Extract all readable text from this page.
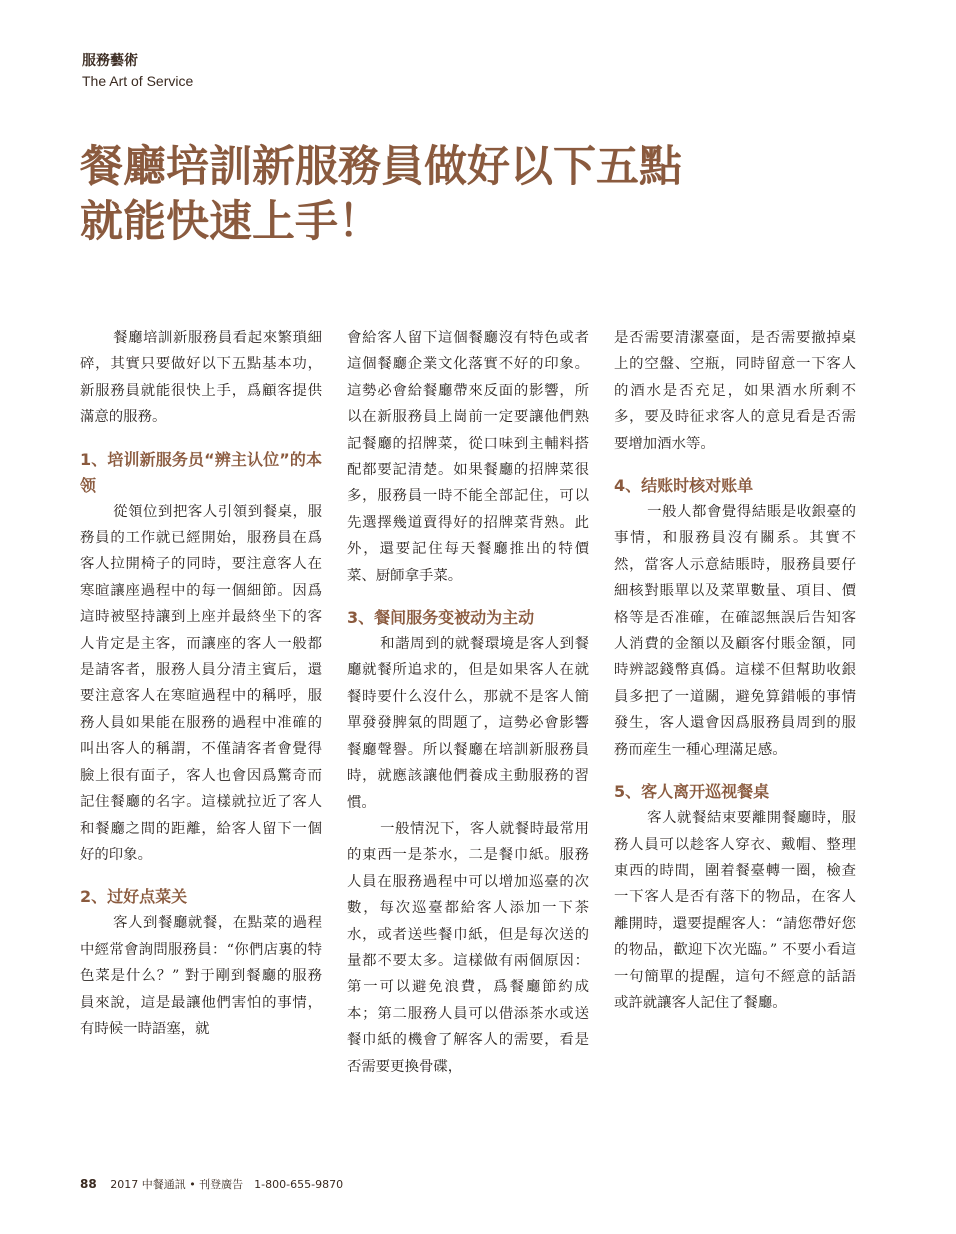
服務藝術
The Art of Service
餐廳培訓新服務員做好以下五點
就能快速上手！

餐廳培訓新服務員看起來繁瑣細碎，其實只要做好以下五點基本功，新服務員就能很快上手，爲顧客提供滿意的服務。

1、培训新服务员“辨主认位”的本领

從領位到把客人引領到餐桌，服務員的工作就已經開始，服務員在爲客人拉開椅子的同時，要注意客人在寒暄讓座過程中的每一個細節。因爲這時被堅持讓到上座并最終坐下的客人肯定是主客，而讓座的客人一般都是請客者，服務人員分清主賓后，還要注意客人在寒暄過程中的稱呼，服務人員如果能在服務的過程中准確的叫出客人的稱謂，不僅請客者會覺得臉上很有面子，客人也會因爲驚奇而記住餐廳的名字。這樣就拉近了客人和餐廳之間的距離，給客人留下一個好的印象。

2、过好点菜关

客人到餐廳就餐，在點菜的過程中經常會詢問服務員：“你們店裏的特色菜是什么？” 對于剛到餐廳的服務員來說，這是最讓他們害怕的事情，有時候一時語塞，就

會給客人留下這個餐廳沒有特色或者這個餐廳企業文化落實不好的印象。這勢必會給餐廳帶來反面的影響，所以在新服務員上崗前一定要讓他們熟記餐廳的招牌菜，從口味到主輔料搭配都要記清楚。如果餐廳的招牌菜很多，服務員一時不能全部記住，可以先選擇幾道賣得好的招牌菜背熟。此外，還要記住每天餐廳推出的特價菜、厨師拿手菜。

3、餐间服务变被动为主动

和諧周到的就餐環境是客人到餐廳就餐所追求的，但是如果客人在就餐時要什么沒什么，那就不是客人簡單發發脾氣的問題了，這勢必會影響餐廳聲譽。所以餐廳在培訓新服務員時，就應該讓他們養成主動服務的習慣。

一般情況下，客人就餐時最常用的東西一是茶水，二是餐巾紙。服務人員在服務過程中可以增加巡臺的次數，每次巡臺都給客人添加一下茶水，或者送些餐巾紙，但是每次送的量都不要太多。這樣做有兩個原因：第一可以避免浪費，爲餐廳節約成本；第二服務人員可以借添茶水或送餐巾紙的機會了解客人的需要，看是否需要更換骨碟，

是否需要清潔臺面，是否需要撤掉桌上的空盤、空瓶，同時留意一下客人的酒水是否充足，如果酒水所剩不多，要及時征求客人的意見看是否需要增加酒水等。

4、结账时核对账单

一般人都會覺得結賬是收銀臺的事情，和服務員沒有關系。其實不然，當客人示意結賬時，服務員要仔細核對賬單以及菜單數量、項目、價格等是否准確，在確認無誤后告知客人消費的金額以及顧客付賬金額，同時辨認錢幣真僞。這樣不但幫助收銀員多把了一道關，避免算錯帳的事情發生，客人還會因爲服務員周到的服務而産生一種心理滿足感。

5、客人离开巡视餐桌

客人就餐結束要離開餐廳時，服務人員可以趁客人穿衣、戴帽、整理東西的時間，圍着餐臺轉一圈，檢查一下客人是否有落下的物品，在客人離開時，還要提醒客人：“請您帶好您的物品，歡迎下次光臨。” 不要小看這一句簡單的提醒，這句不經意的話語或許就讓客人記住了餐廳。

88 2017 中餐通訊 • 刊登廣告　1-800-655-9870
